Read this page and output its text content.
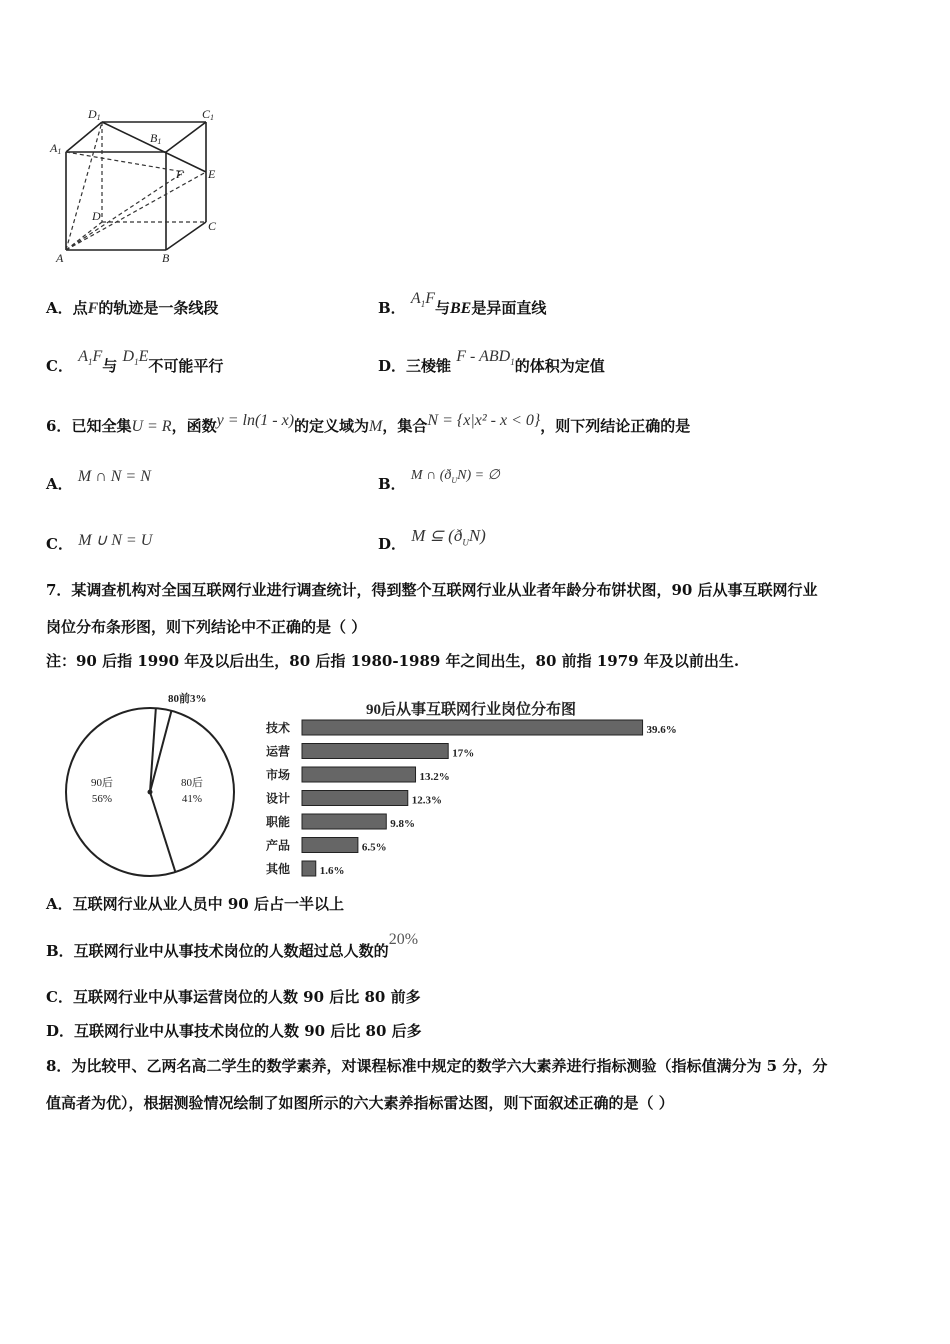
D1	C1
A1
B1
F E
D
C
A	B
A．点F的轨迹是一条线段	B． $A_1F$与BE是异面直线
C． $A_1F$与 $D_1E$不可能平行	D．三棱锥 F - $ABD_1$的体积为定值
6．已知全集U = R，函数y = ln(1 - x)的定义域为M，集合N = {x|x² - x < 0}，则下列结论正确的是
A． M ∩ N = N	B． M ∩ $(ð_UN)$ = ∅
C． M ∪ N = U	D． M ⊆ $(ð_UN)$
7．某调查机构对全国互联网行业进行调查统计，得到整个互联网行业从业者年龄分布饼状图，90 后从事互联网行业
岗位分布条形图，则下列结论中不正确的是（ ）
注：90 后指 1990 年及以后出生，80 后指 1980-1989 年之间出生，80 前指 1979 年及以前出生.
80前3%
80后
41%
90后
56%
90后从事互联网行业岗位分布图
技术	39.6%
运营	17%
市场	13.2%
设计	12.3%
职能	9.8%
产品	6.5%
其他	1.6%
A．互联网行业从业人员中 90 后占一半以上
B．互联网行业中从事技术岗位的人数超过总人数的20%
C．互联网行业中从事运营岗位的人数 90 后比 80 前多
D．互联网行业中从事技术岗位的人数 90 后比 80 后多
8．为比较甲、乙两名高二学生的数学素养，对课程标准中规定的数学六大素养进行指标测验（指标值满分为 5 分，分
值高者为优），根据测验情况绘制了如图所示的六大素养指标雷达图，则下面叙述正确的是（ ）
